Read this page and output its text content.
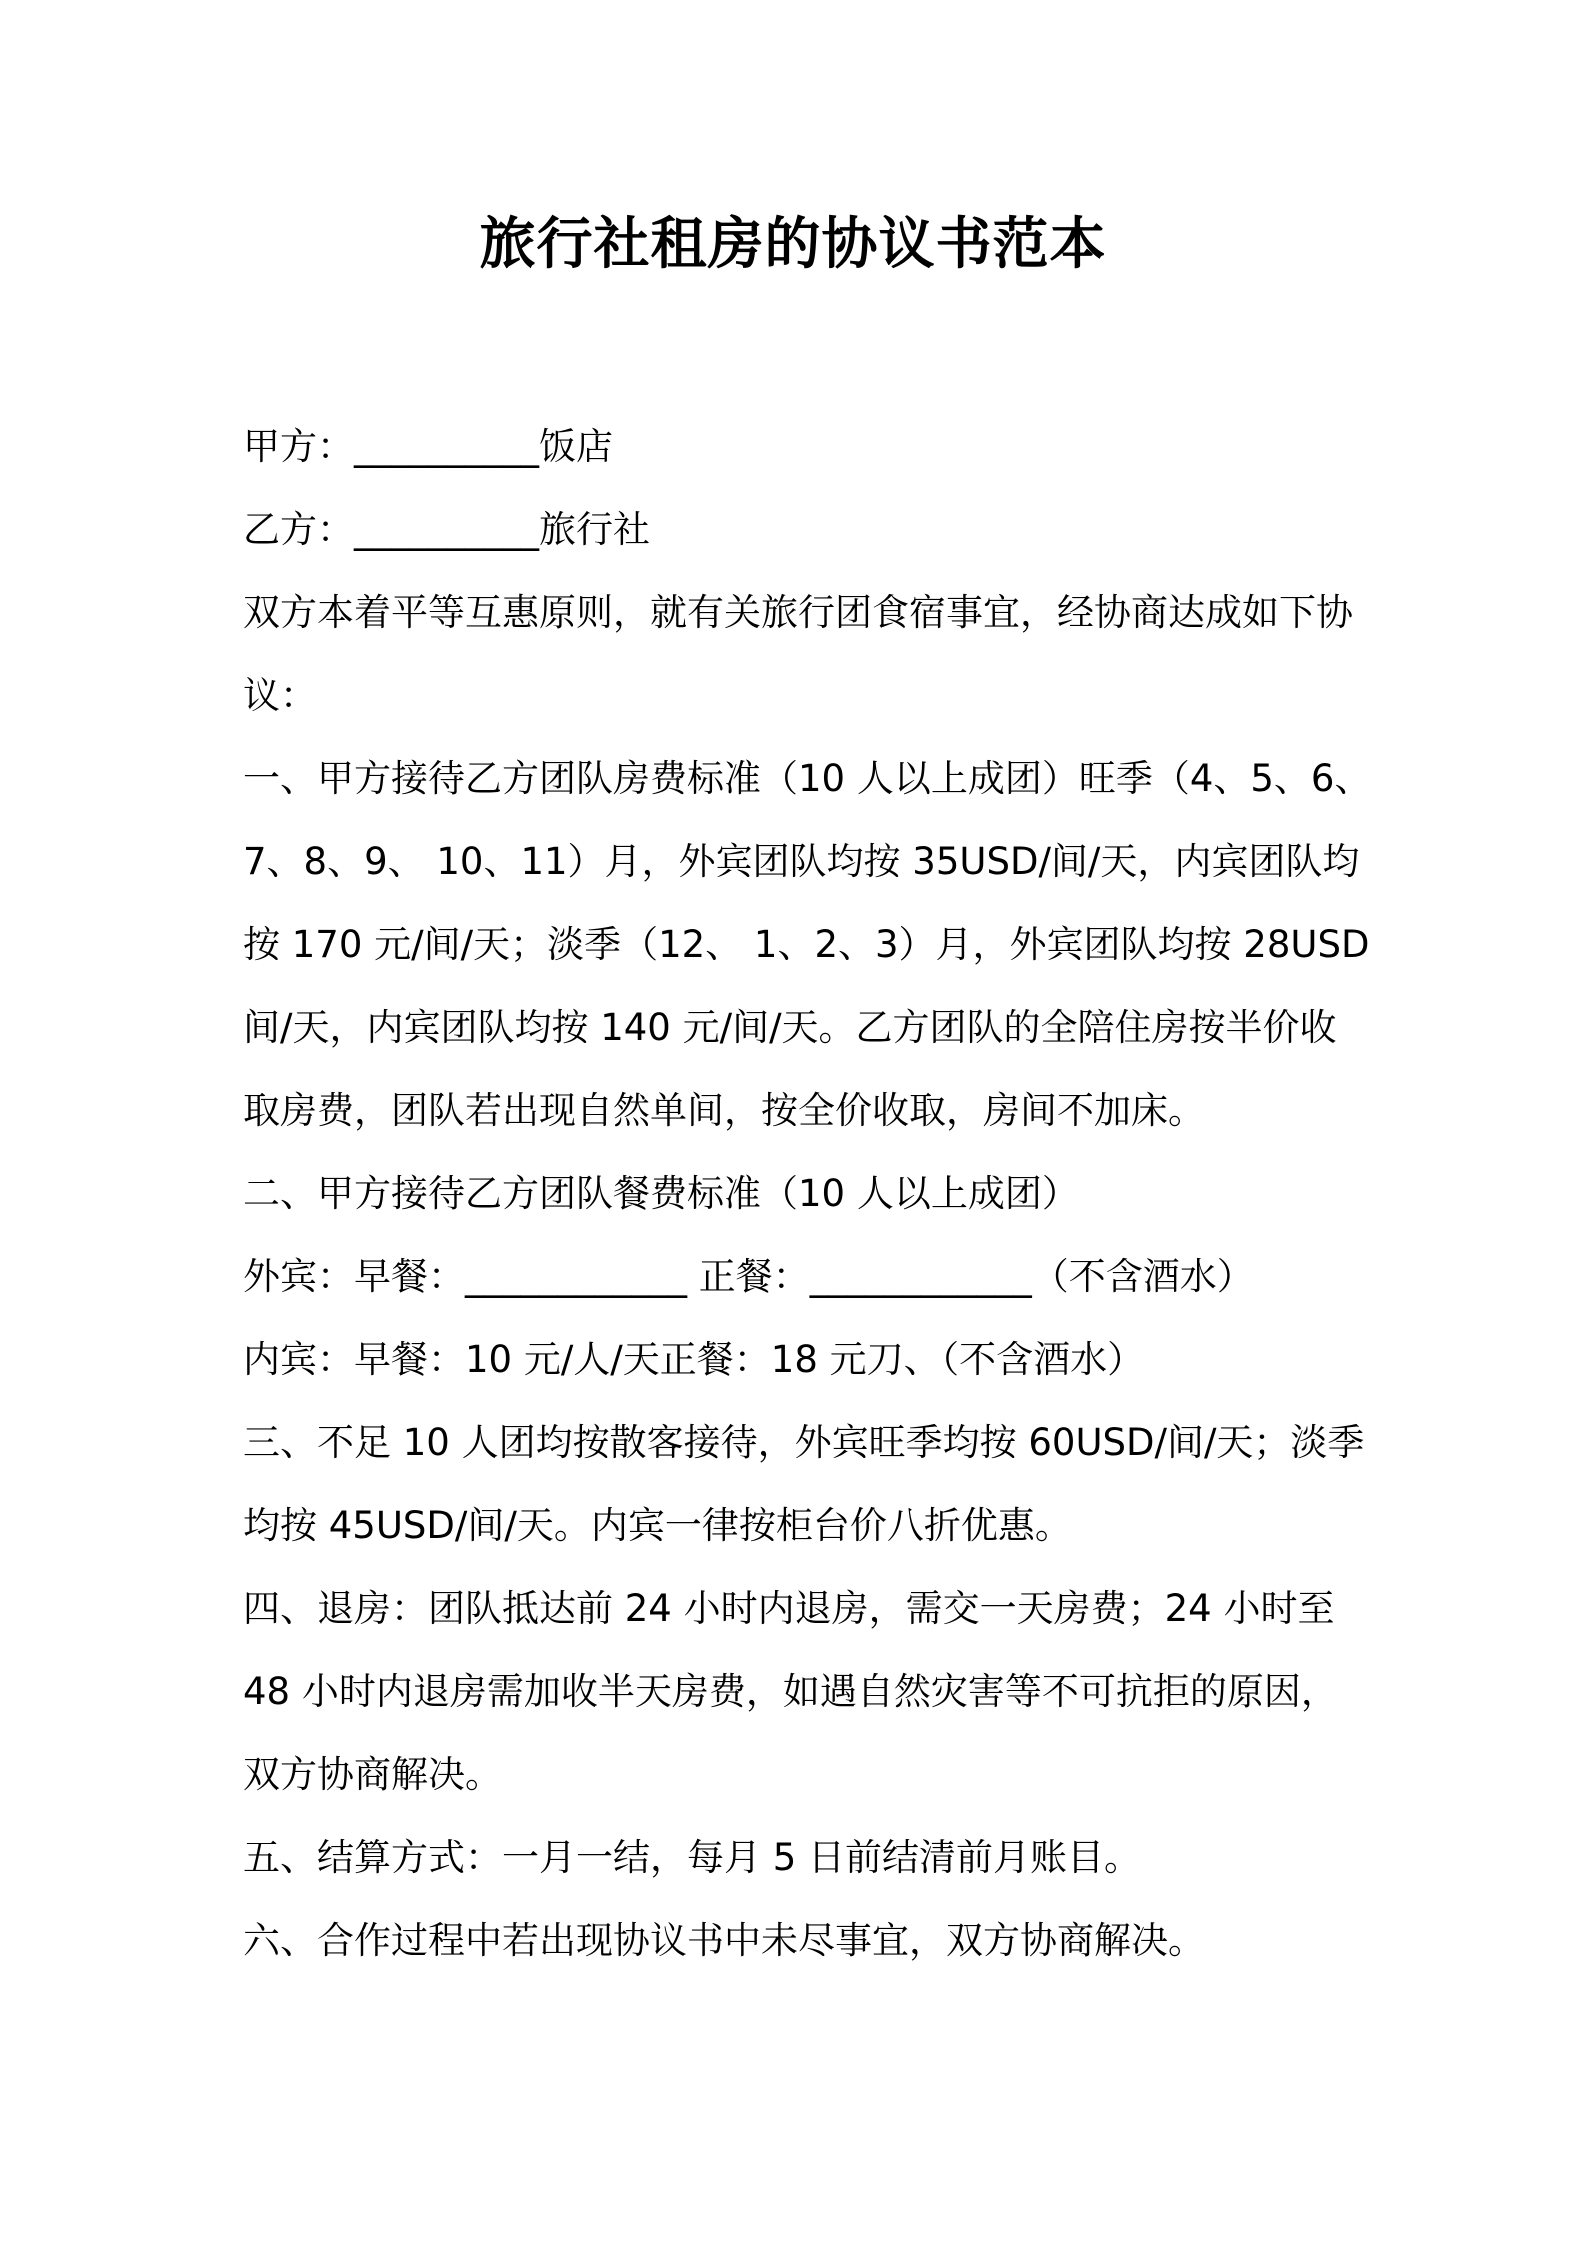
旅行社租房的协议书范本

甲方：__________饭店

乙方：__________旅行社

双方本着平等互惠原则，就有关旅行团食宿事宜，经协商达成如下协
议：

一、甲方接待乙方团队房费标准（10 人以上成团）旺季（4、5、6、
7、8、9、 10、11）月，外宾团队均按 35USD/间/天，内宾团队均
按 170 元/间/天；淡季（12、 1、2、3）月，外宾团队均按 28USD
间/天，内宾团队均按 140 元/间/天。乙方团队的全陪住房按半价收
取房费，团队若出现自然单间，按全价收取，房间不加床。

二、甲方接待乙方团队餐费标准（10 人以上成团）

外宾：早餐：____________ 正餐：____________（不含酒水）

内宾：早餐：10 元/人/天正餐：18 元刀、（不含酒水）

三、不足 10 人团均按散客接待，外宾旺季均按 60USD/间/天；淡季
均按 45USD/间/天。内宾一律按柜台价八折优惠。

四、退房：团队抵达前 24 小时内退房，需交一天房费；24 小时至
48 小时内退房需加收半天房费，如遇自然灾害等不可抗拒的原因，
双方协商解决。

五、结算方式：一月一结，每月 5 日前结清前月账目。

六、合作过程中若出现协议书中未尽事宜，双方协商解决。
